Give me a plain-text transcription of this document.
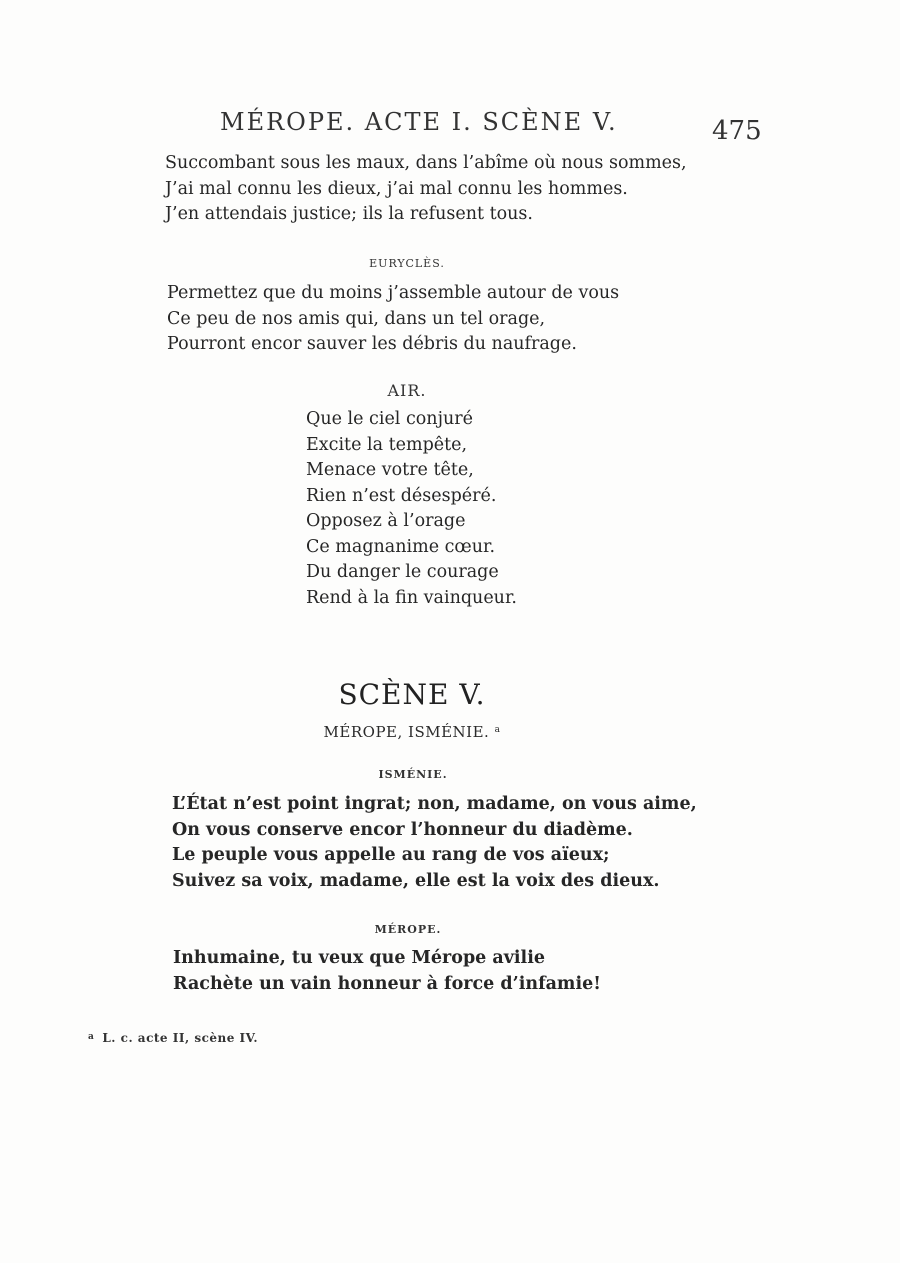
MÉROPE. ACTE I. SCÈNE V.	475
Succombant sous les maux, dans l’abîme où nous sommes,
J’ai mal connu les dieux, j’ai mal connu les hommes.
J’en attendais justice; ils la refusent tous.
EURYCLÈS.
Permettez que du moins j’assemble autour de vous
Ce peu de nos amis qui, dans un tel orage,
Pourront encor sauver les débris du naufrage.
AIR.
Que le ciel conjuré
Excite la tempête,
Menace votre tête,
Rien n’est désespéré.
Opposez à l’orage
Ce magnanime cœur.
Du danger le courage
Rend à la fin vainqueur.
SCÈNE V.
MÉROPE, ISMÉNIE. $^a$
ISMÉNIE.
L’État n’est point ingrat; non, madame, on vous aime,
On vous conserve encor l’honneur du diadème.
Le peuple vous appelle au rang de vos aïeux;
Suivez sa voix, madame, elle est la voix des dieux.
MÉROPE.
Inhumaine, tu veux que Mérope avilie
Rachète un vain honneur à force d’infamie!
$^a$ L. c. acte II, scène IV.
